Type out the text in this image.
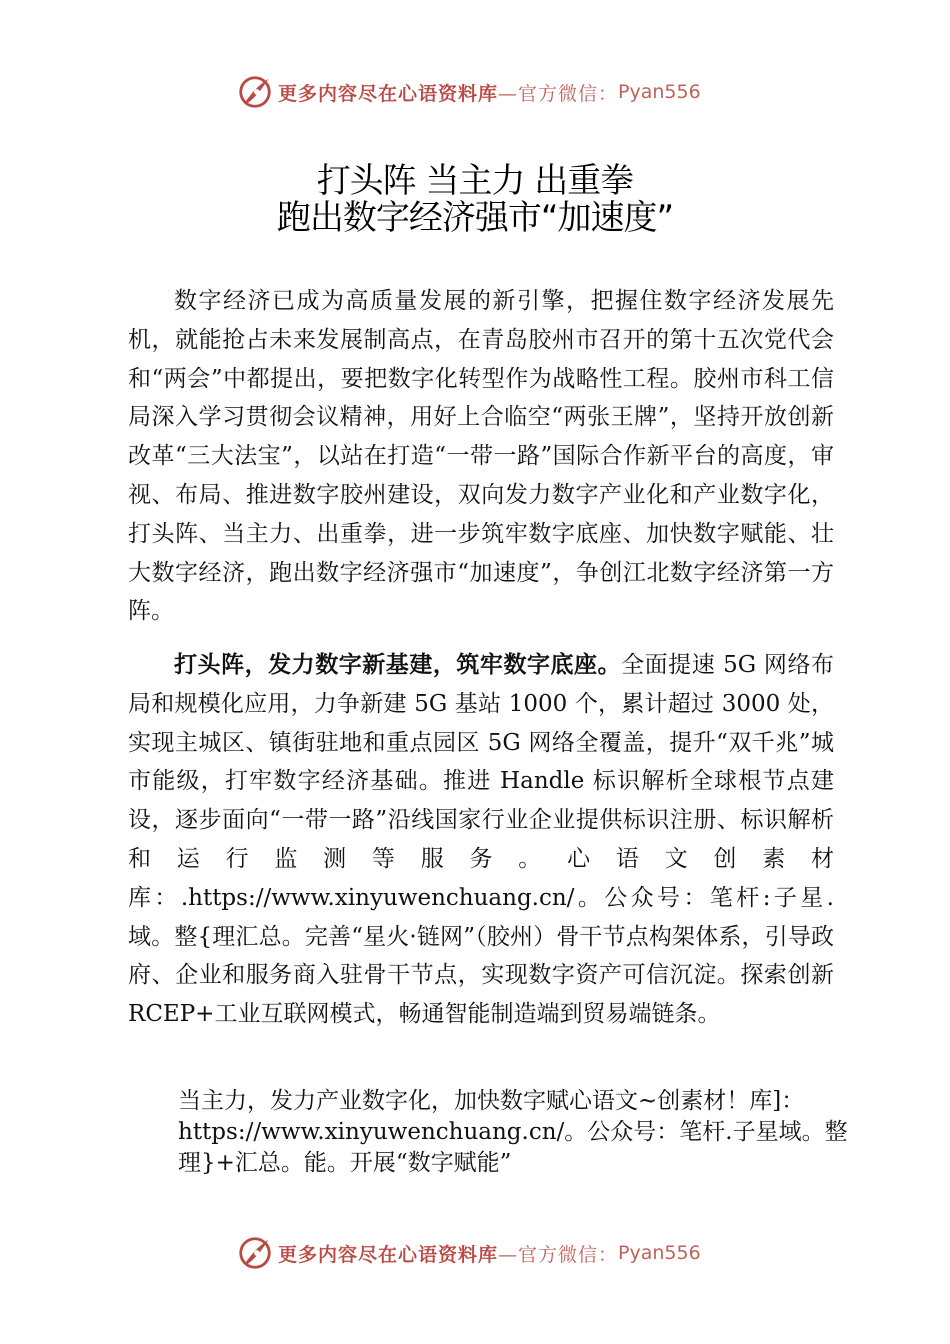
更多内容尽在心语资料库—官方微信： Pyan556
打头阵 当主力 出重拳
跑出数字经济强市“加速度”

数字经济已成为高质量发展的新引擎，把握住数字经济发展先机，就能抢占未来发展制高点，在青岛胶州市召开的第十五次党代会和“两会”中都提出，要把数字化转型作为战略性工程。胶州市科工信局深入学习贯彻会议精神，用好上合临空“两张王牌”，坚持开放创新改革“三大法宝”，以站在打造“一带一路”国际合作新平台的高度，审视、布局、推进数字胶州建设，双向发力数字产业化和产业数字化，打头阵、当主力、出重拳，进一步筑牢数字底座、加快数字赋能、壮大数字经济，跑出数字经济强市“加速度”，争创江北数字经济第一方阵。

打头阵，发力数字新基建，筑牢数字底座。全面提速 5G 网络布局和规模化应用，力争新建 5G 基站 1000 个，累计超过 3000 处，实现主城区、镇街驻地和重点园区 5G 网络全覆盖，提升“双千兆”城市能级，打牢数字经济基础。推进 Handle 标识解析全球根节点建设，逐步面向“一带一路”沿线国家行业企业提供标识注册、标识解析和运行监测等服务。心语文创素材库：.https://www.xinyuwenchuang.cn/。公众号：笔杆:子星.域。整{理汇总。完善“星火·链网”（胶州）骨干节点构架体系，引导政府、企业和服务商入驻骨干节点，实现数字资产可信沉淀。探索创新 RCEP+工业互联网模式，畅通智能制造端到贸易端链条。

当主力，发力产业数字化，加快数字赋心语文~创素材！库]：https://www.xinyuwenchuang.cn/。公众号：笔杆.子星域。整理}+汇总。能。开展“数字赋能”

更多内容尽在心语资料库—官方微信： Pyan556
